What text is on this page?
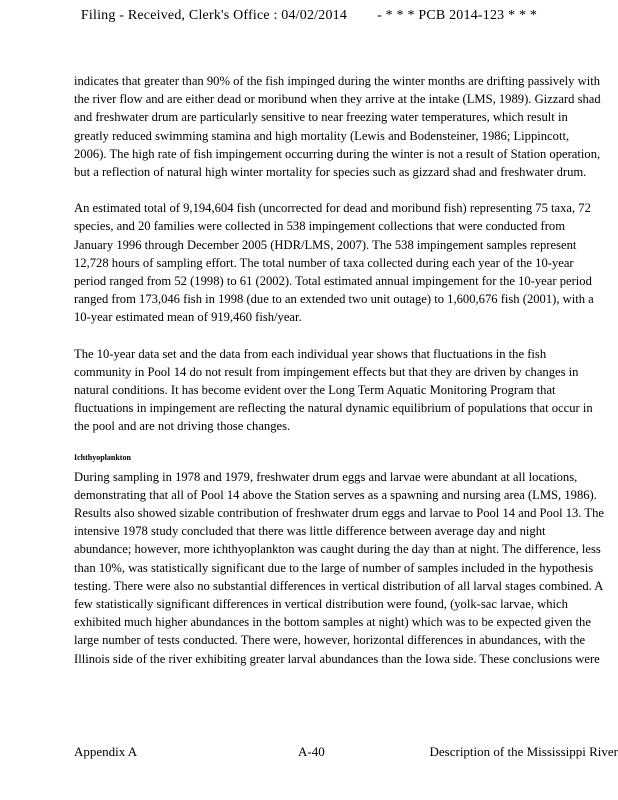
Filing - Received, Clerk's Office : 04/02/2014 - * * * PCB 2014-123 * * *

indicates that greater than 90% of the fish impinged during the winter months are drifting passively with the river flow and are either dead or moribund when they arrive at the intake (LMS, 1989). Gizzard shad and freshwater drum are particularly sensitive to near freezing water temperatures, which result in greatly reduced swimming stamina and high mortality (Lewis and Bodensteiner, 1986; Lippincott, 2006). The high rate of fish impingement occurring during the winter is not a result of Station operation, but a reflection of natural high winter mortality for species such as gizzard shad and freshwater drum.

An estimated total of 9,194,604 fish (uncorrected for dead and moribund fish) representing 75 taxa, 72 species, and 20 families were collected in 538 impingement collections that were conducted from January 1996 through December 2005 (HDR/LMS, 2007). The 538 impingement samples represent 12,728 hours of sampling effort. The total number of taxa collected during each year of the 10-year period ranged from 52 (1998) to 61 (2002). Total estimated annual impingement for the 10-year period ranged from 173,046 fish in 1998 (due to an extended two unit outage) to 1,600,676 fish (2001), with a 10-year estimated mean of 919,460 fish/year.

The 10-year data set and the data from each individual year shows that fluctuations in the fish community in Pool 14 do not result from impingement effects but that they are driven by changes in natural conditions. It has become evident over the Long Term Aquatic Monitoring Program that fluctuations in impingement are reflecting the natural dynamic equilibrium of populations that occur in the pool and are not driving those changes.

Ichthyoplankton

During sampling in 1978 and 1979, freshwater drum eggs and larvae were abundant at all locations, demonstrating that all of Pool 14 above the Station serves as a spawning and nursing area (LMS, 1986). Results also showed sizable contribution of freshwater drum eggs and larvae to Pool 14 and Pool 13. The intensive 1978 study concluded that there was little difference between average day and night abundance; however, more ichthyoplankton was caught during the day than at night. The difference, less than 10%, was statistically significant due to the large of number of samples included in the hypothesis testing. There were also no substantial differences in vertical distribution of all larval stages combined. A few statistically significant differences in vertical distribution were found, (yolk-sac larvae, which exhibited much higher abundances in the bottom samples at night) which was to be expected given the large number of tests conducted. There were, however, horizontal differences in abundances, with the Illinois side of the river exhibiting greater larval abundances than the Iowa side. These conclusions were

Appendix A	A-40	Description of the Mississippi River
